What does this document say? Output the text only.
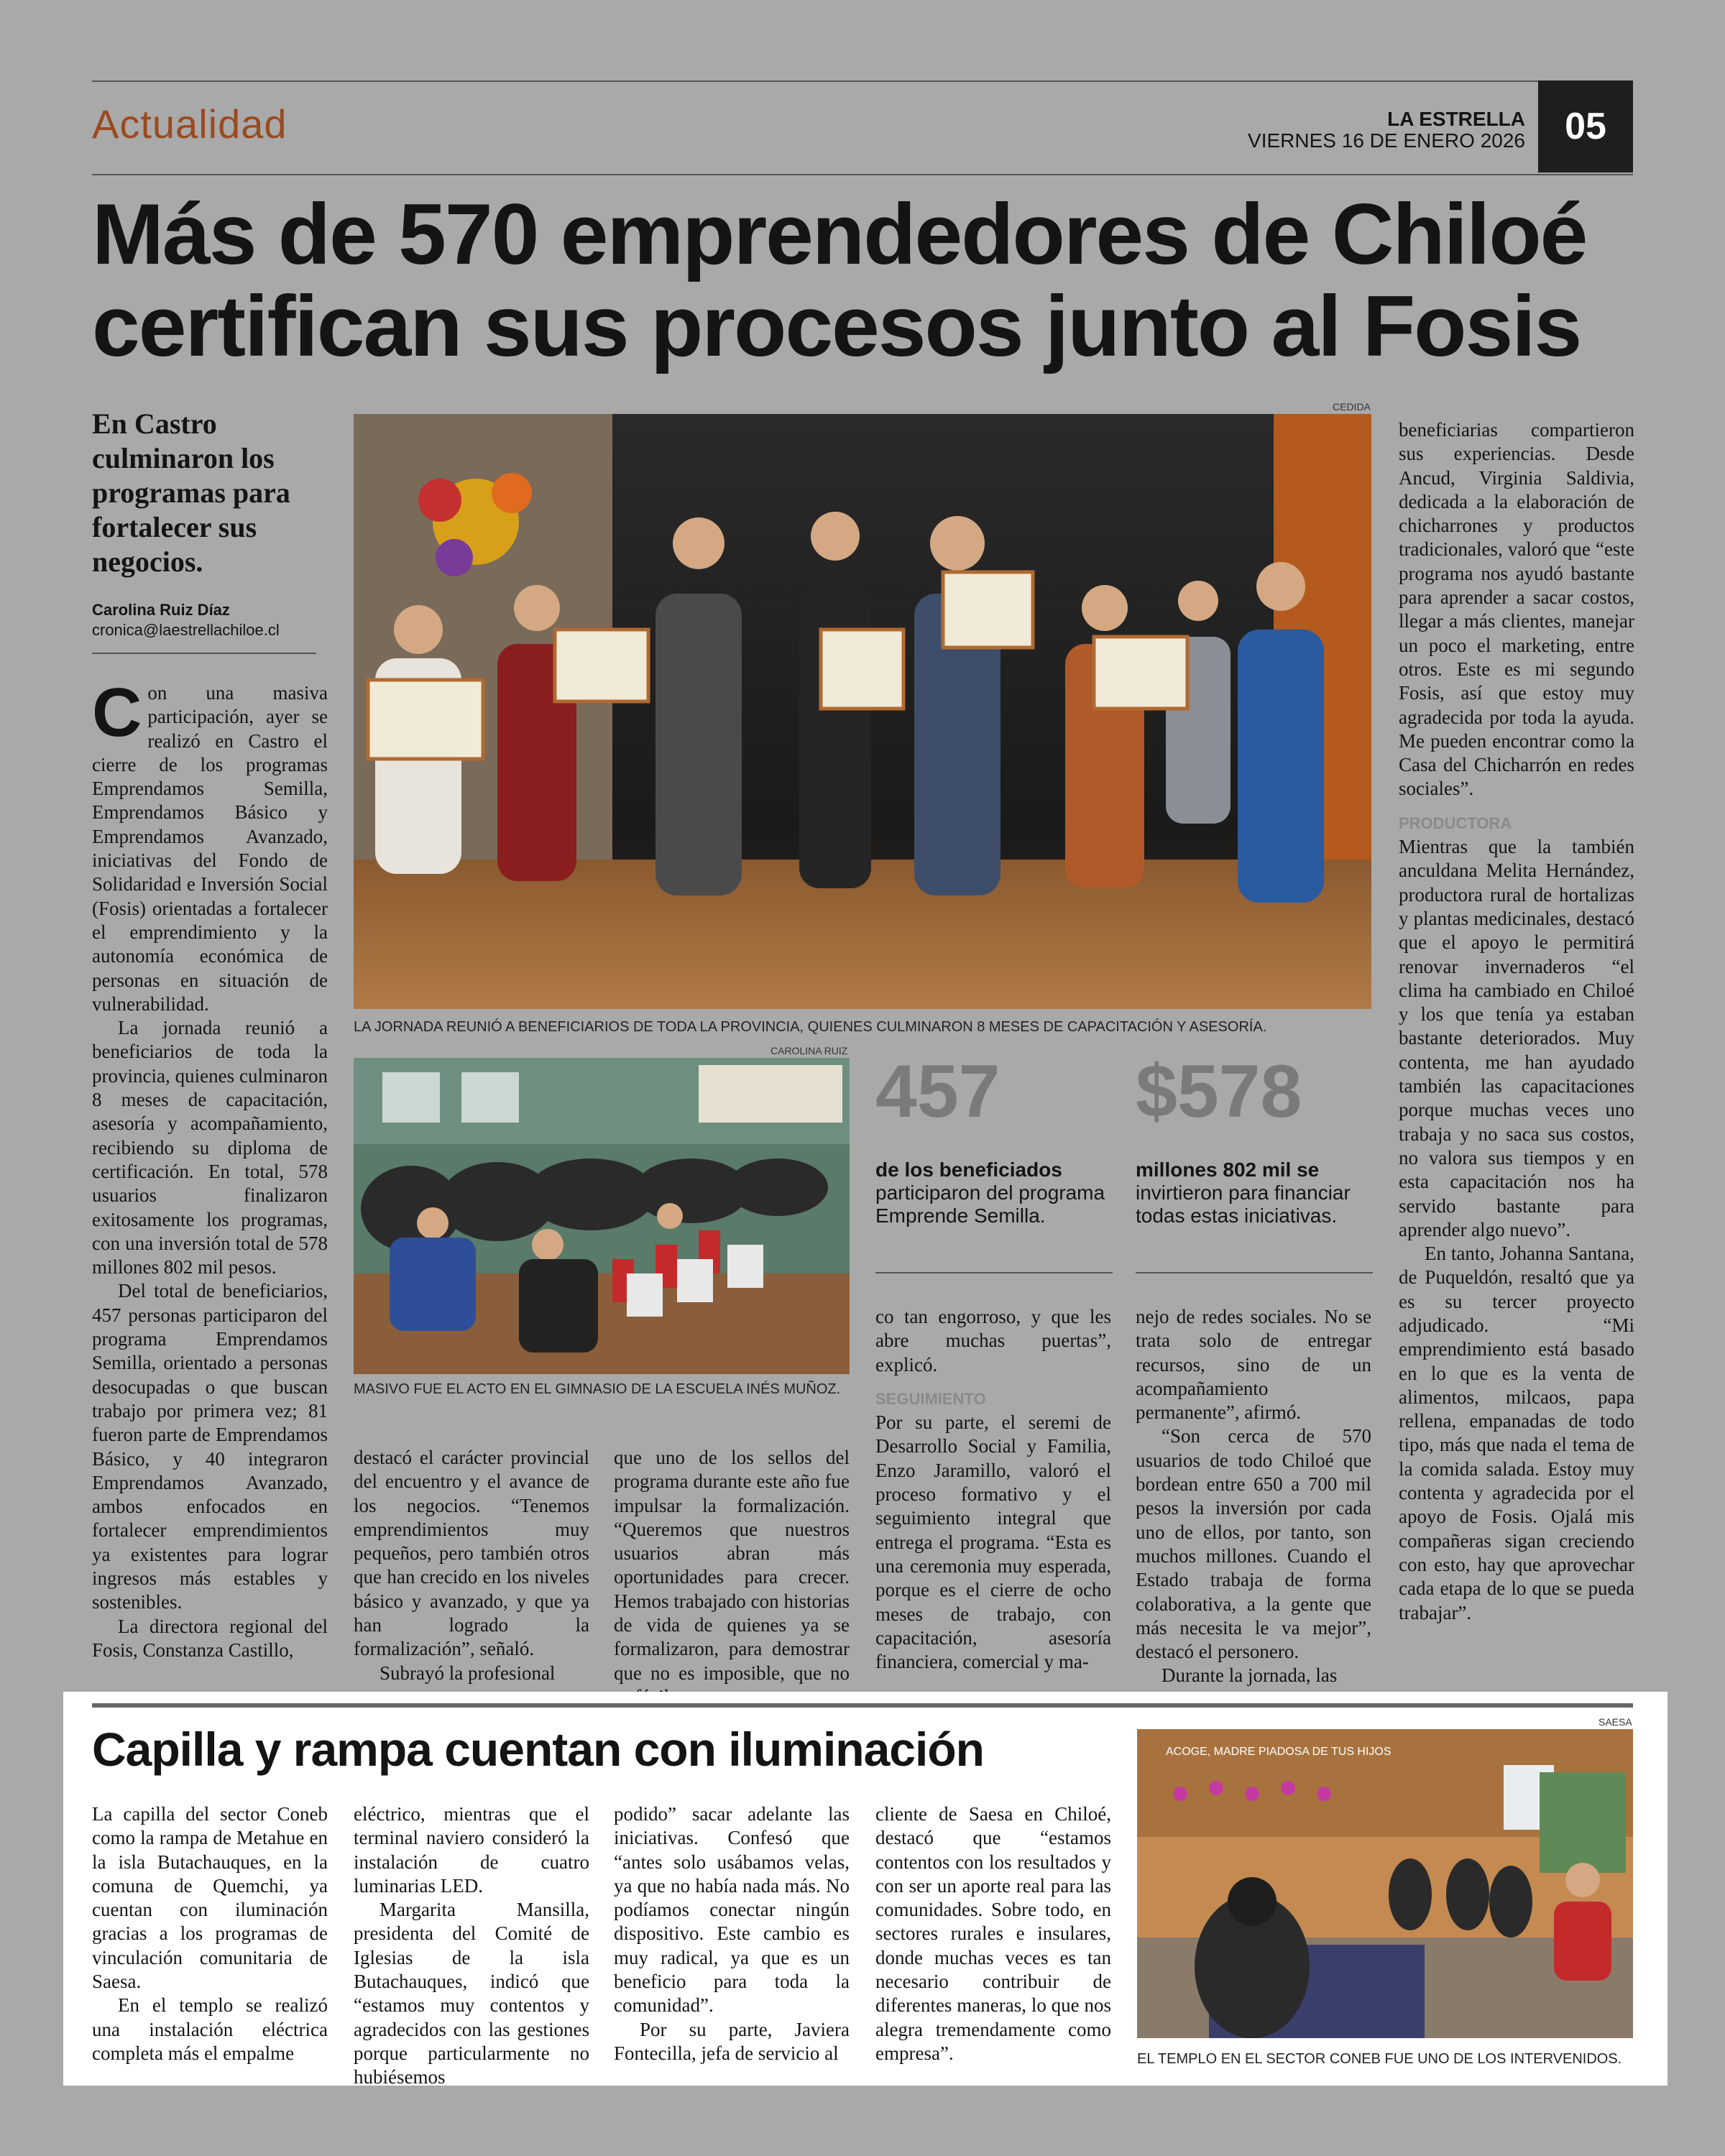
Actualidad	LA ESTRELLA
VIERNES 16 DE ENERO 2026	05
Más de 570 emprendedores de Chiloé
certifican sus procesos junto al Fosis
En Castro culminaron los programas para fortalecer sus negocios.
Carolina Ruiz Díaz
cronica@laestrellachiloe.cl
CEDIDA
LA JORNADA REUNIÓ A BENEFICIARIOS DE TODA LA PROVINCIA, QUIENES CULMINARON 8 MESES DE CAPACITACIÓN Y ASESORÍA.
CAROLINA RUIZ
MASIVO FUE EL ACTO EN EL GIMNASIO DE LA ESCUELA INÉS MUÑOZ.
457
de los beneficiados
participaron del programa Emprende Semilla.
$578
millones 802 mil se
invirtieron para financiar todas estas iniciativas.

Con una masiva participación, ayer se realizó en Castro el cierre de los programas Emprendamos Semilla, Emprendamos Básico y Emprendamos Avanzado, iniciativas del Fondo de Solidaridad e Inversión Social (Fosis) orientadas a fortalecer el emprendimiento y la autonomía económica de personas en situación de vulnerabilidad.

La jornada reunió a beneficiarios de toda la provincia, quienes culminaron 8 meses de capacitación, asesoría y acompañamiento, recibiendo su diploma de certificación. En total, 578 usuarios finalizaron exitosamente los programas, con una inversión total de 578 millones 802 mil pesos.

Del total de beneficiarios, 457 personas participaron del programa Emprendamos Semilla, orientado a personas desocupadas o que buscan trabajo por primera vez; 81 fueron parte de Emprendamos Básico, y 40 integraron Emprendamos Avanzado, ambos enfocados en fortalecer emprendimientos ya existentes para lograr ingresos más estables y sostenibles.

La directora regional del Fosis, Constanza Castillo,

destacó el carácter provincial del encuentro y el avance de los negocios. “Tenemos emprendimientos muy pequeños, pero también otros que han crecido en los niveles básico y avanzado, y que ya han logrado la formalización”, señaló.

Subrayó la profesional

que uno de los sellos del programa durante este año fue impulsar la formalización. “Queremos que nuestros usuarios abran más oportunidades para crecer. Hemos trabajado con historias de vida de quienes ya se formalizaron, para demostrar que no es imposible, que no

co tan engorroso, y que les abre muchas puertas”, explicó.

SEGUIMIENTO

Por su parte, el seremi de Desarrollo Social y Familia, Enzo Jaramillo, valoró el proceso formativo y el seguimiento integral que entrega el programa. “Esta es una ceremonia muy esperada, porque es el cierre de ocho meses de trabajo, con capacitación, asesoría financiera, comercial y ma-

nejo de redes sociales. No se trata solo de entregar recursos, sino de un acompañamiento permanente”, afirmó.

“Son cerca de 570 usuarios de todo Chiloé que bordean entre 650 a 700 mil pesos la inversión por cada uno de ellos, por tanto, son muchos millones. Cuando el Estado trabaja de forma colaborativa, a la gente que más necesita le va mejor”, destacó el personero.

Durante la jornada, las

beneficiarias compartieron sus experiencias. Desde Ancud, Virginia Saldivia, dedicada a la elaboración de chicharrones y productos tradicionales, valoró que “este programa nos ayudó bastante para aprender a sacar costos, llegar a más clientes, manejar un poco el marketing, entre otros. Este es mi segundo Fosis, así que estoy muy agradecida por toda la ayuda. Me pueden encontrar como la Casa del Chicharrón en redes sociales”.

PRODUCTORA

Mientras que la también anculdana Melita Hernández, productora rural de hortalizas y plantas medicinales, destacó que el apoyo le permitirá renovar invernaderos “el clima ha cambiado en Chiloé y los que tenía ya estaban bastante deteriorados. Muy contenta, me han ayudado también las capacitaciones porque muchas veces uno trabaja y no saca sus costos, no valora sus tiempos y en esta capacitación nos ha servido bastante para aprender algo nuevo”.

En tanto, Johanna Santana, de Puqueldón, resaltó que ya es su tercer proyecto adjudicado. “Mi emprendimiento está basado en lo que es la venta de alimentos, milcaos, papa rellena, empanadas de todo tipo, más que nada el tema de la comida salada. Estoy muy contenta y agradecida por el apoyo de Fosis. Ojalá mis compañeras sigan creciendo con esto, hay que aprovechar cada etapa de lo que se pueda trabajar”.

Capilla y rampa cuentan con iluminación

La capilla del sector Coneb como la rampa de Metahue en la isla Butachauques, en la comuna de Quemchi, ya cuentan con iluminación gracias a los programas de vinculación comunitaria de Saesa.

En el templo se realizó una instalación eléctrica completa más el empalme

eléctrico, mientras que el terminal naviero consideró la instalación de cuatro luminarias LED.

Margarita Mansilla, presidenta del Comité de Iglesias de la isla Butachauques, indicó que “estamos muy contentos y agradecidos con las gestiones porque particularmente no hubiésemos

podido” sacar adelante las iniciativas. Confesó que “antes solo usábamos velas, ya que no había nada más. No podíamos conectar ningún dispositivo. Este cambio es muy radical, ya que es un beneficio para toda la comunidad”.

Por su parte, Javiera Fontecilla, jefa de servicio al

cliente de Saesa en Chiloé, destacó que “estamos contentos con los resultados y con ser un aporte real para las comunidades. Sobre todo, en sectores rurales e insulares, donde muchas veces es tan necesario contribuir de diferentes maneras, lo que nos alegra tremendamente como empresa”.

SAESA
ACOGE, MADRE PIADOSA DE TUS HIJOS
EL TEMPLO EN EL SECTOR CONEB FUE UNO DE LOS INTERVENIDOS.
